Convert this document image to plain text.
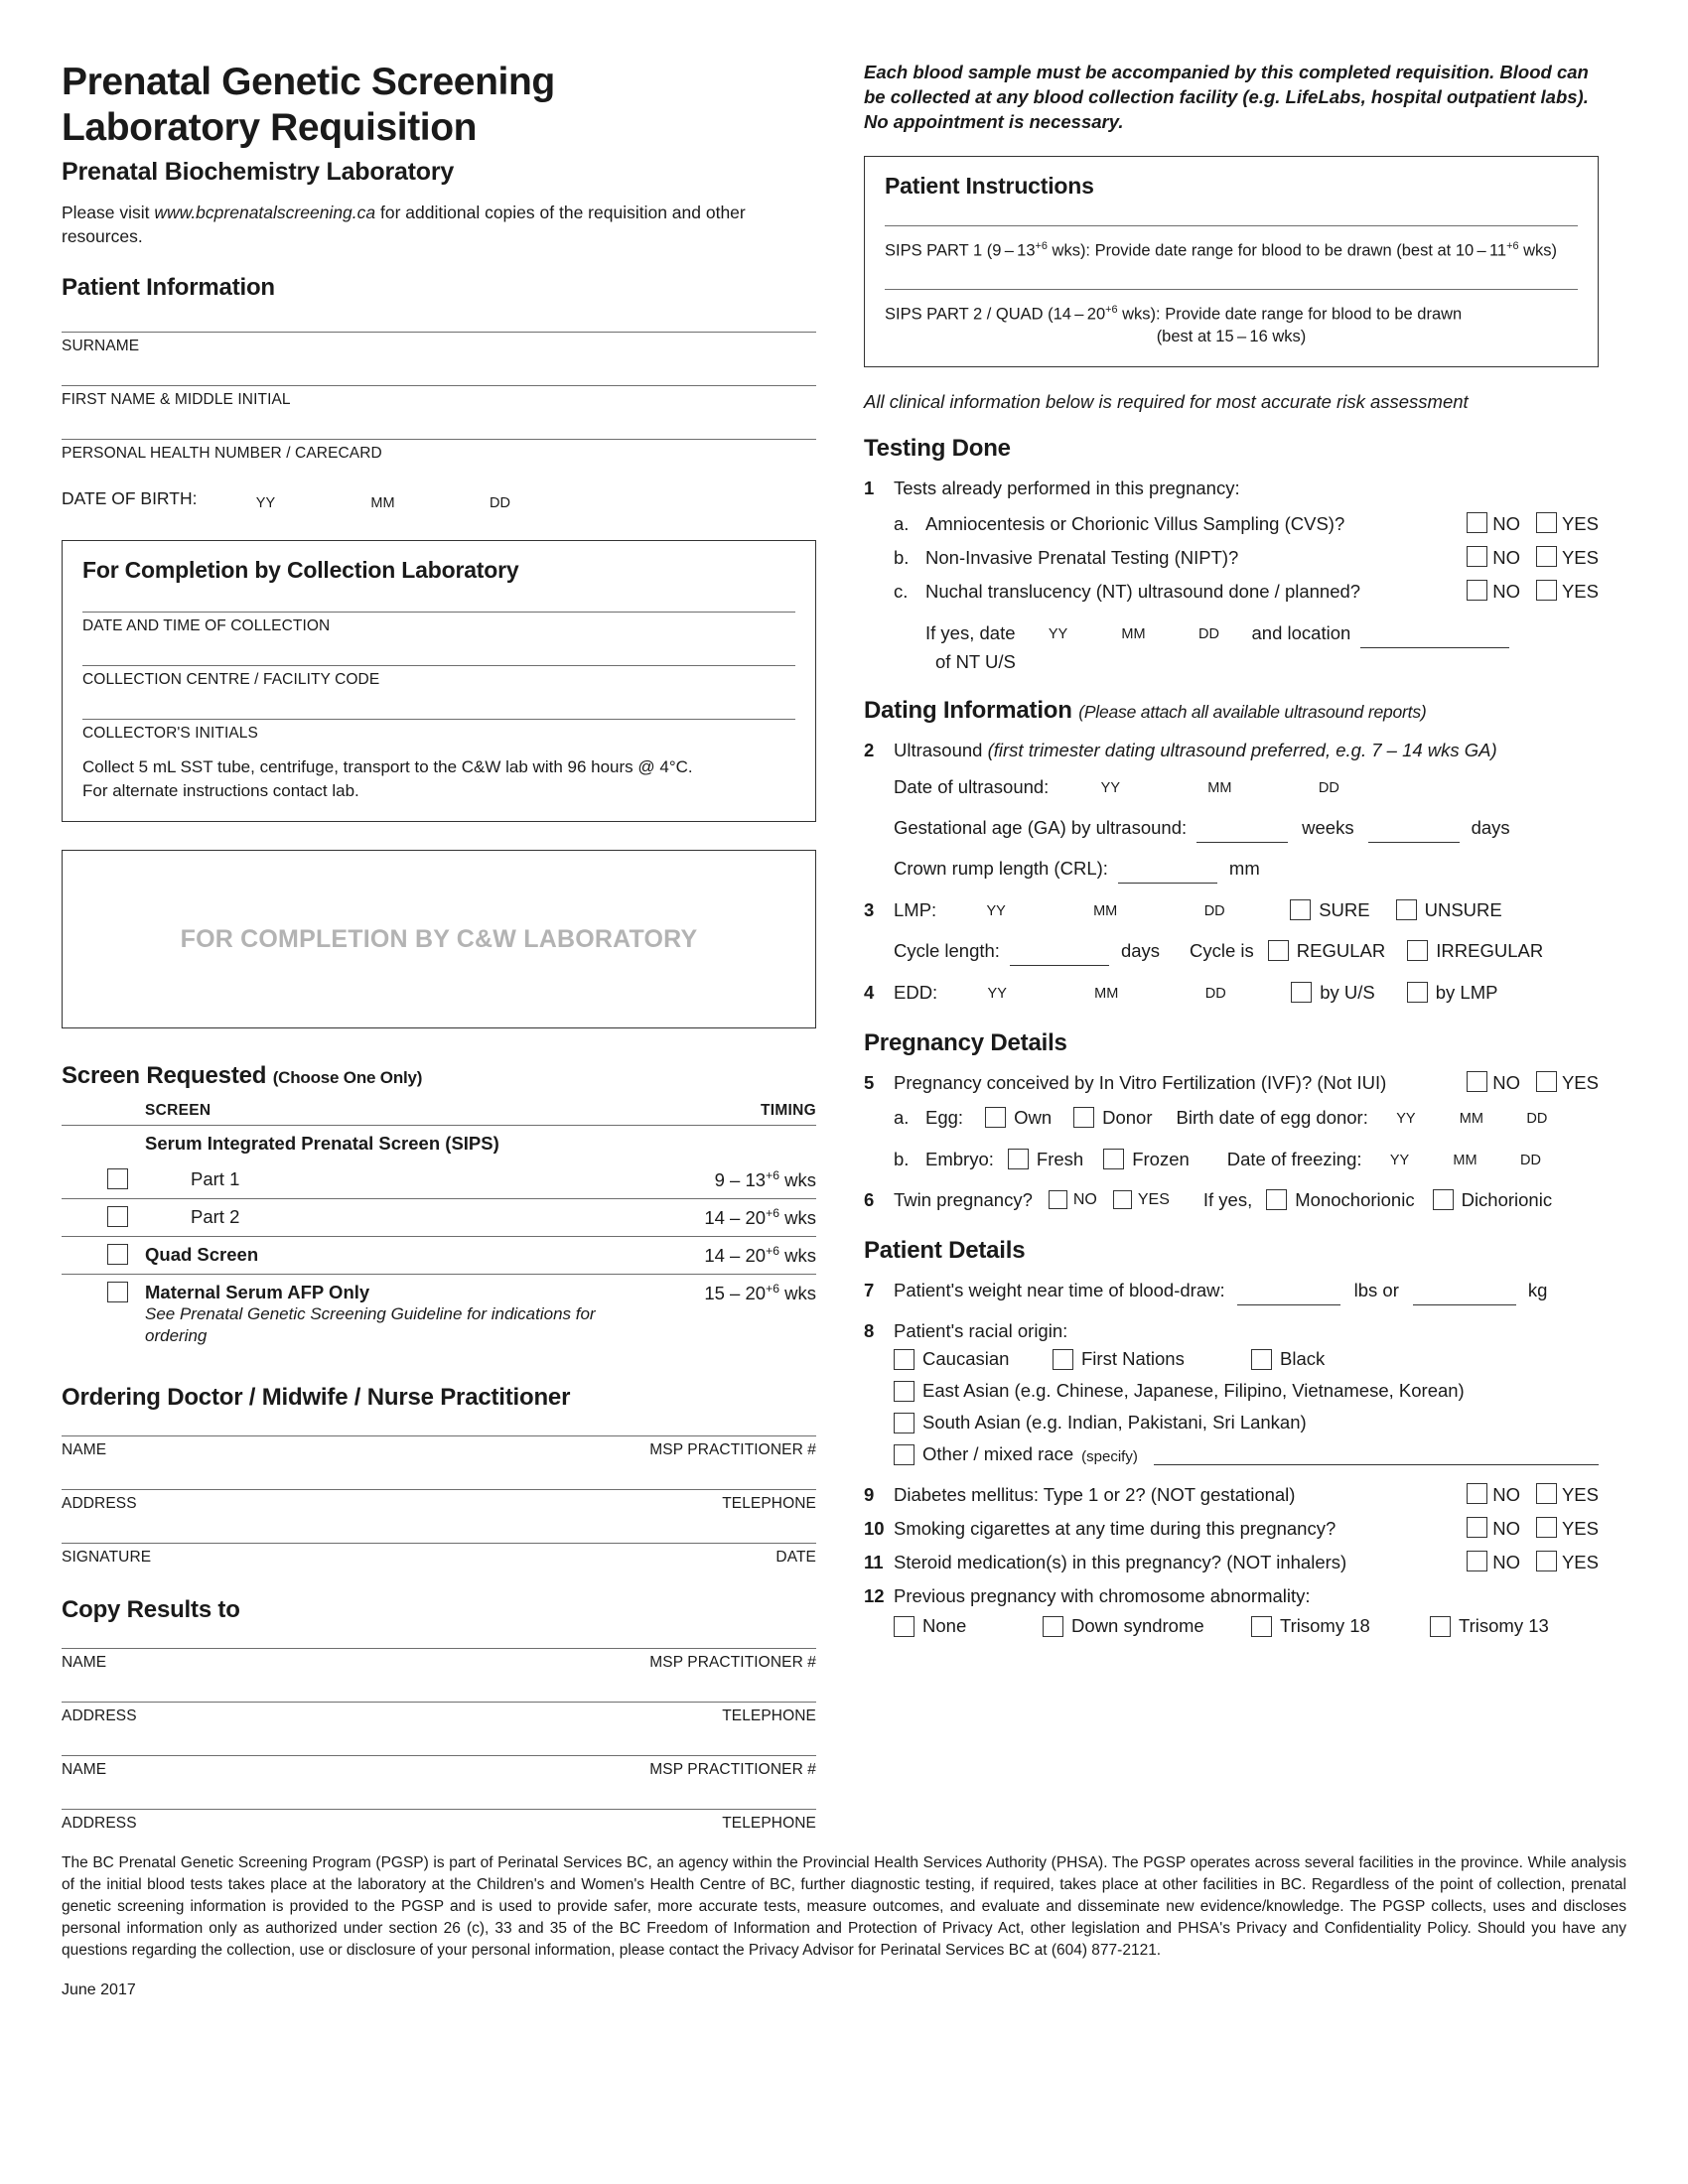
Prenatal Genetic Screening
Laboratory Requisition
Prenatal Biochemistry Laboratory

Please visit www.bcprenatalscreening.ca for additional copies of the requisition and other resources.

Patient Information
SURNAME
FIRST NAME & MIDDLE INITIAL
PERSONAL HEALTH NUMBER / CARECARD
DATE OF BIRTH:	YY	MM	DD
For Completion by Collection Laboratory
DATE AND TIME OF COLLECTION
COLLECTION CENTRE / FACILITY CODE
COLLECTOR'S INITIALS

Collect 5 mL SST tube, centrifuge, transport to the C&W lab with 96 hours @ 4°C.
For alternate instructions contact lab.

FOR COMPLETION BY C&W LABORATORY
Screen Requested (Choose One Only)
	SCREEN	TIMING
	Serum Integrated Prenatal Screen (SIPS)	
	Part 1	$9 - 13^{+6}$ wks
	Part 2	$14 - 20^{+6}$ wks
	Quad Screen	$14 - 20^{+6}$ wks
	Maternal Serum AFP Only
See Prenatal Genetic Screening Guideline for indications for ordering	$15 - 20^{+6}$ wks
Ordering Doctor / Midwife / Nurse Practitioner
NAME	MSP PRACTITIONER #
ADDRESS	TELEPHONE
SIGNATURE	DATE
Copy Results to
NAME	MSP PRACTITIONER #
ADDRESS	TELEPHONE
NAME	MSP PRACTITIONER #
ADDRESS	TELEPHONE

Each blood sample must be accompanied by this completed requisition. Blood can be collected at any blood collection facility (e.g. LifeLabs, hospital outpatient labs). No appointment is necessary.

Patient Instructions
SIPS PART 1 ($9 - 13^{+6}$ wks): Provide date range for blood to be drawn (best at $10 - 11^{+6}$ wks)
SIPS PART 2 / QUAD ($14 - 20^{+6}$ wks): Provide date range for blood to be drawn
(best at 15 – 16 wks)

All clinical information below is required for most accurate risk assessment

Testing Done
1	Tests already performed in this pregnancy:
a. Amniocentesis or Chorionic Villus Sampling (CVS)?	NO	YES
b. Non-Invasive Prenatal Testing (NIPT)?	NO	YES
c. Nuchal translucency (NT) ultrasound done / planned?	NO	YES
If yes, date	YY	MM	DD	and location
of NT U/S
Dating Information (Please attach all available ultrasound reports)
2	Ultrasound (first trimester dating ultrasound preferred, e.g. 7 – 14 wks GA)
Date of ultrasound:	YY	MM	DD
Gestational age (GA) by ultrasound:	weeks	days
Crown rump length (CRL):	mm
3	LMP:	YY	MM	DD	SURE	UNSURE
Cycle length:	days Cycle is REGULAR	IRREGULAR
4	EDD:	YY	MM	DD	by U/S	by LMP
Pregnancy Details
5	Pregnancy conceived by In Vitro Fertilization (IVF)? (Not IUI)	NO	YES
a. Egg:	Own	Donor Birth date of egg donor:	YY	MM	DD
b. Embryo: Fresh	Frozen Date of freezing:	YY	MM	DD
6	Twin pregnancy?	NO	YES If yes, Monochorionic	Dichorionic
Patient Details
7	Patient's weight near time of blood-draw:	lbs or	kg
8	Patient's racial origin:
Caucasian	First Nations	Black
East Asian (e.g. Chinese, Japanese, Filipino, Vietnamese, Korean)
South Asian (e.g. Indian, Pakistani, Sri Lankan)
Other / mixed race (specify)
9	Diabetes mellitus: Type 1 or 2? (NOT gestational)	NO	YES
10 Smoking cigarettes at any time during this pregnancy?	NO	YES
11 Steroid medication(s) in this pregnancy? (NOT inhalers)	NO	YES
12 Previous pregnancy with chromosome abnormality:
None	Down syndrome	Trisomy 18	Trisomy 13

The BC Prenatal Genetic Screening Program (PGSP) is part of Perinatal Services BC, an agency within the Provincial Health Services Authority (PHSA). The PGSP operates across several facilities in the province. While analysis of the initial blood tests takes place at the laboratory at the Children's and Women's Health Centre of BC, further diagnostic testing, if required, takes place at other facilities in BC. Regardless of the point of collection, prenatal genetic screening information is provided to the PGSP and is used to provide safer, more accurate tests, measure outcomes, and evaluate and disseminate new evidence/knowledge. The PGSP collects, uses and discloses personal information only as authorized under section 26 (c), 33 and 35 of the BC Freedom of Information and Protection of Privacy Act, other legislation and PHSA's Privacy and Confidentiality Policy. Should you have any questions regarding the collection, use or disclosure of your personal information, please contact the Privacy Advisor for Perinatal Services BC at (604) 877-2121.

June 2017
